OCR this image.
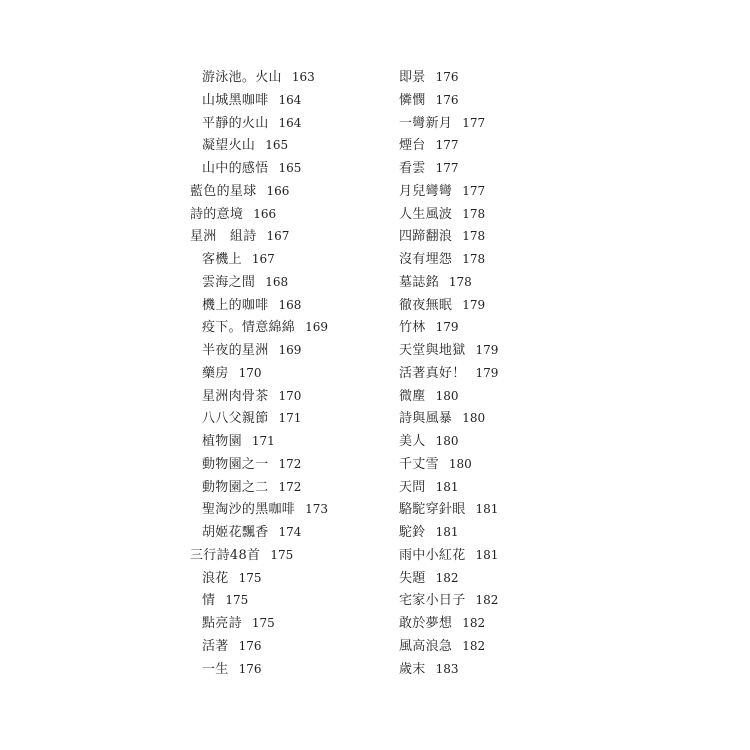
游泳池。火山 163
山城黑咖啡 164
平靜的火山 164
凝望火山 165
山中的感悟 165
藍色的星球 166
詩的意境 166
星洲　組詩 167
客機上 167
雲海之間 168
機上的咖啡 168
疫下。情意綿綿 169
半夜的星洲 169
藥房 170
星洲肉骨茶 170
八八父親節 171
植物園 171
動物園之一 172
動物園之二 172
聖淘沙的黑咖啡 173
胡姬花飄香 174
三行詩48首 175
浪花 175
情 175
點亮詩 175
活著 176
一生 176
即景 176
憐憫 176
一彎新月 177
煙台 177
看雲 177
月兒彎彎 177
人生風波 178
四蹄翻浪 178
沒有埋怨 178
墓誌銘 178
徹夜無眠 179
竹林 179
天堂與地獄 179
活著真好！ 179
微塵 180
詩與風暴 180
美人 180
千丈雪 180
天問 181
駱駝穿針眼 181
駝鈴 181
雨中小紅花 181
失題 182
宅家小日子 182
敢於夢想 182
風高浪急 182
歲末 183
